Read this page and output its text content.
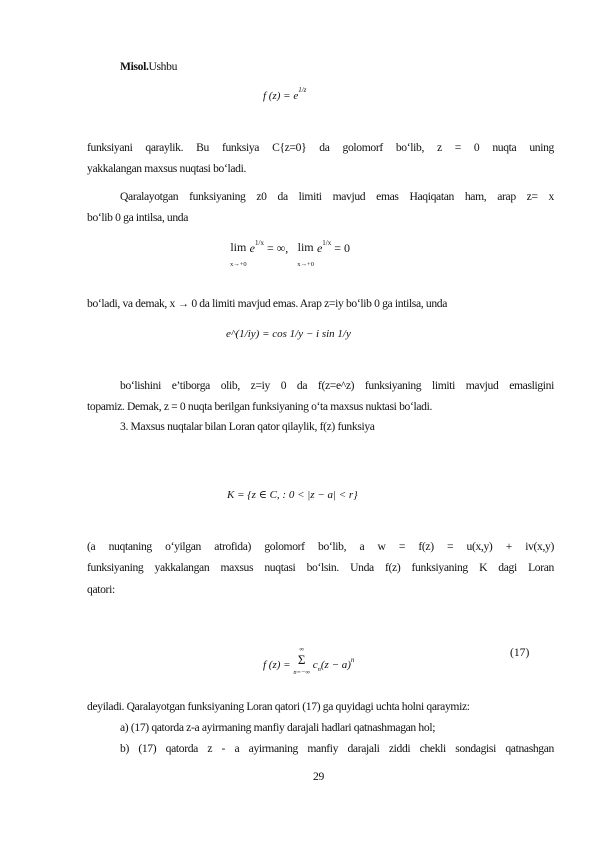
Misol.Ushbu
f (z) = e1/z
funksiyani qaraylik. Bu funksiya C{z=0} da golomorf bo‘lib, z = 0 nuqta uning
yakkalangan maxsus nuqtasi bo‘ladi.
Qaralayotgan funksiyaning z0 da limiti mavjud emas Haqiqatan ham, arap z= x
bo‘lib 0 ga intilsa, unda
lim
x→+0 e1/x = ∞, lim
x→+0 e1/x = 0
bo‘ladi, va demak, x → 0 da limiti mavjud emas. Arap z=iy bo‘lib 0 ga intilsa, unda
e^(1/iy) = cos 1/y − i sin 1/y
bo‘lishini e’tiborga olib, z=iy 0 da f(z=e^z) funksiyaning limiti mavjud emasligini
topamiz. Demak, z = 0 nuqta berilgan funksiyaning o‘ta maxsus nuktasi bo‘ladi.
3. Maxsus nuqtalar bilan Loran qator qilaylik, f(z) funksiya
K = {z ∈ C, : 0 < |z − a| < r}
(a nuqtaning o‘yilgan atrofida) golomorf bo‘lib, a w = f(z) = u(x,y) + iv(x,y)
funksiyaning yakkalangan maxsus nuqtasi bo‘lsin. Unda f(z) funksiyaning K dagi Loran
qatori:
f (z) = ∞
Σ
n=−∞ $c_n(z - a)^n$
(17)
deyiladi. Qaralayotgan funksiyaning Loran qatori (17) ga quyidagi uchta holni qaraymiz:
a) (17) qatorda z-a ayirmaning manfiy darajali hadlari qatnashmagan hol;
b) (17) qatorda z - a ayirmaning manfiy darajali ziddi chekli sondagisi qatnashgan
29
